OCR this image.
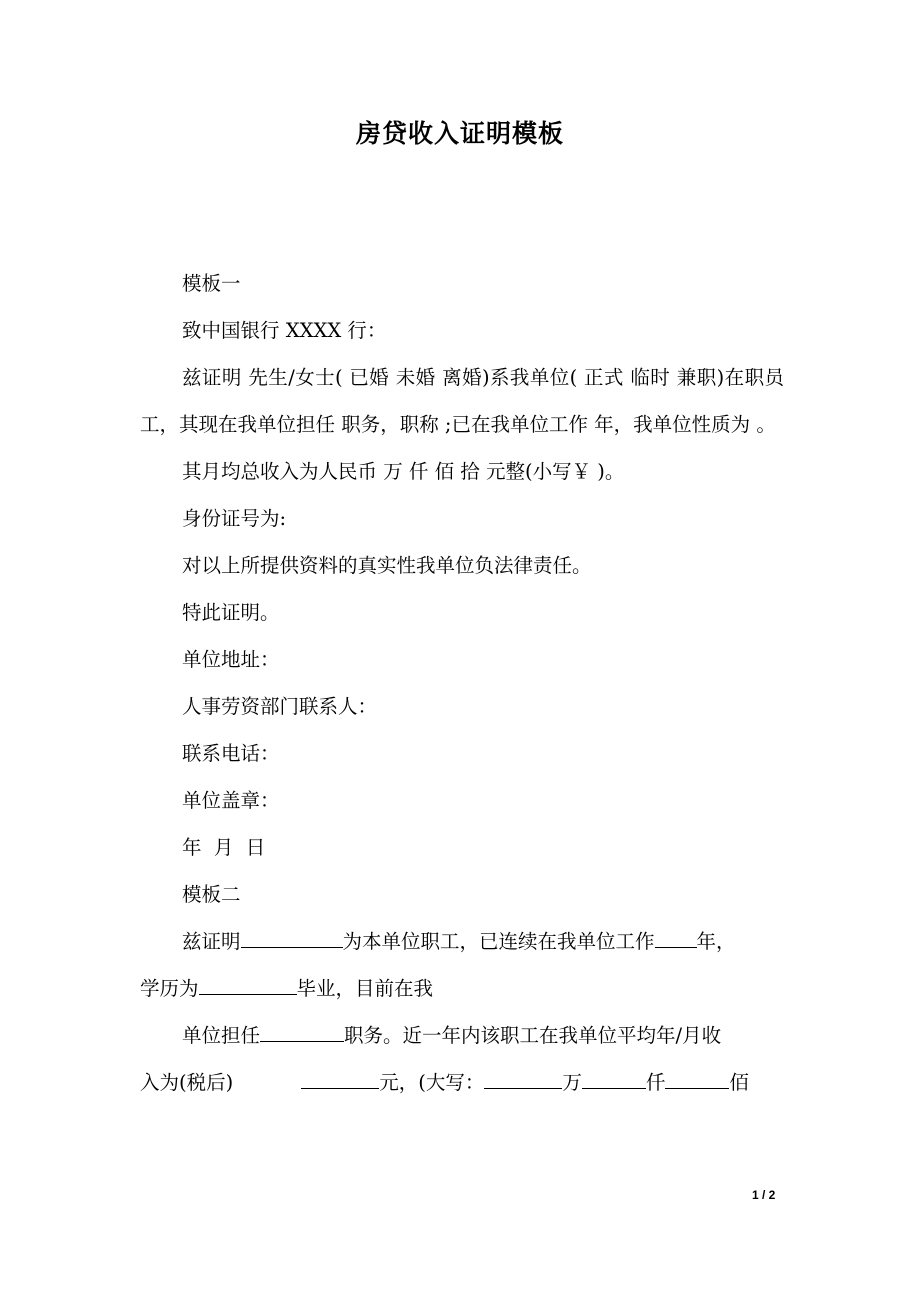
房贷收入证明模板

模板一

致中国银行 XXXX 行：

兹证明 先生/女士( 已婚 未婚 离婚)系我单位( 正式 临时 兼职)在职员工，其现在我单位担任 职务，职称 ;已在我单位工作 年，我单位性质为 。

其月均总收入为人民币 万 仟 佰 拾 元整(小写￥ )。

身份证号为:

对以上所提供资料的真实性我单位负法律责任。

特此证明。

单位地址：

人事劳资部门联系人：

联系电话：

单位盖章：

年  月  日

模板二

兹证明	为本单位职工，已连续在我单位工作 年，

学历为	毕业，目前在我

单位担任	职务。近一年内该职工在我单位平均年/月收

入为(税后)	元，(大写：	万	仟	佰

1 / 2
